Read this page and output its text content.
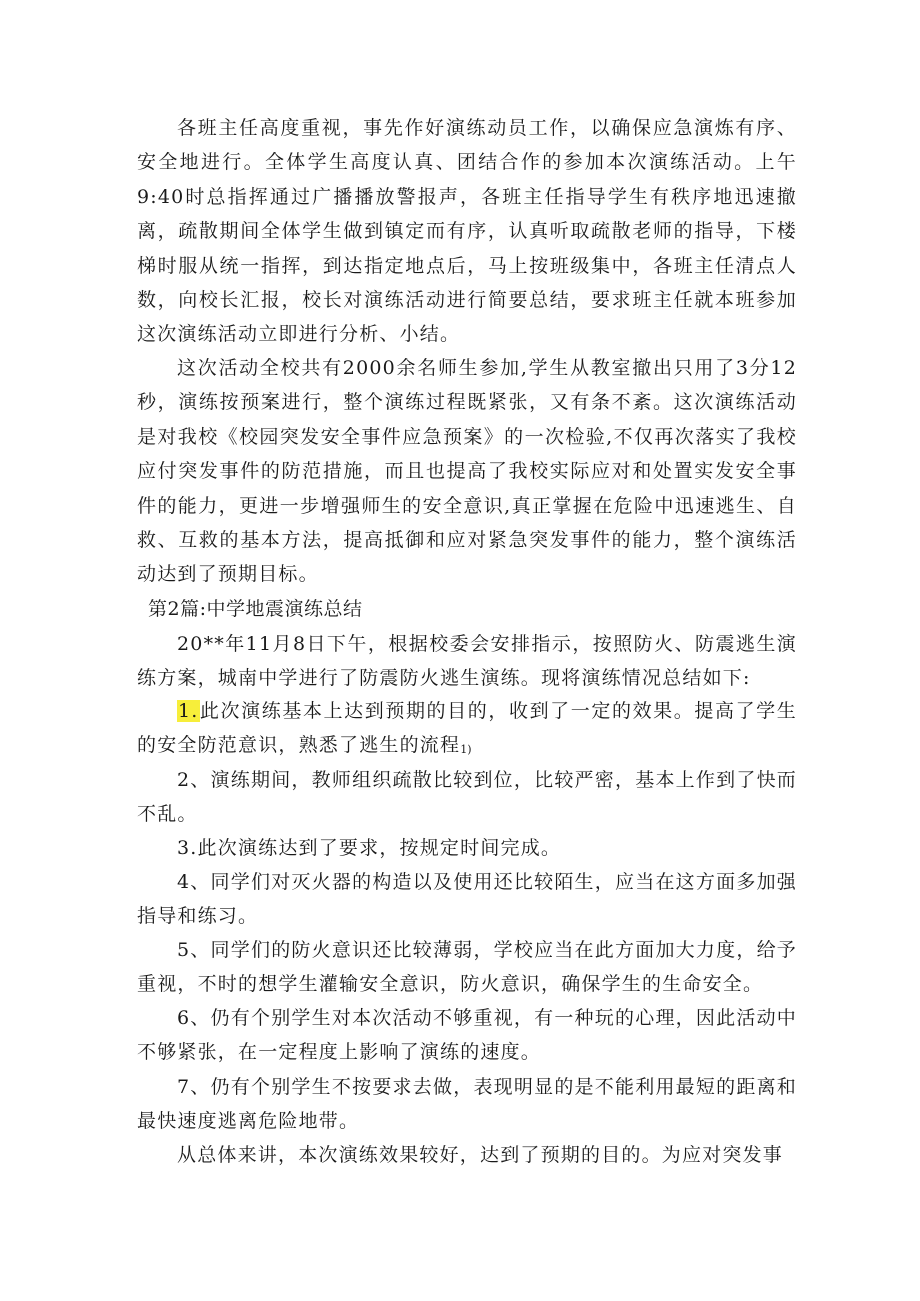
各班主任高度重视，事先作好演练动员工作，以确保应急演炼有序、安全地进行。全体学生高度认真、团结合作的参加本次演练活动。上午9:40时总指挥通过广播播放警报声，各班主任指导学生有秩序地迅速撤离，疏散期间全体学生做到镇定而有序，认真听取疏散老师的指导，下楼梯时服从统一指挥，到达指定地点后，马上按班级集中，各班主任清点人数，向校长汇报，校长对演练活动进行简要总结，要求班主任就本班参加这次演练活动立即进行分析、小结。

这次活动全校共有2000余名师生参加,学生从教室撤出只用了3分12秒，演练按预案进行，整个演练过程既紧张，又有条不紊。这次演练活动是对我校《校园突发安全事件应急预案》的一次检验,不仅再次落实了我校应付突发事件的防范措施，而且也提高了我校实际应对和处置实发安全事件的能力，更进一步增强师生的安全意识,真正掌握在危险中迅速逃生、自救、互救的基本方法，提高抵御和应对紧急突发事件的能力，整个演练活动达到了预期目标。

第2篇:中学地震演练总结

20**年11月8日下午，根据校委会安排指示，按照防火、防震逃生演练方案，城南中学进行了防震防火逃生演练。现将演练情况总结如下:

1.此次演练基本上达到预期的目的，收到了一定的效果。提高了学生的安全防范意识，熟悉了逃生的流程1)

2、演练期间，教师组织疏散比较到位，比较严密，基本上作到了快而不乱。

3.此次演练达到了要求，按规定时间完成。

4、同学们对灭火器的构造以及使用还比较陌生，应当在这方面多加强指导和练习。

5、同学们的防火意识还比较薄弱，学校应当在此方面加大力度，给予重视，不时的想学生灌输安全意识，防火意识，确保学生的生命安全。

6、仍有个别学生对本次活动不够重视，有一种玩的心理，因此活动中不够紧张，在一定程度上影响了演练的速度。

7、仍有个别学生不按要求去做，表现明显的是不能利用最短的距离和最快速度逃离危险地带。

从总体来讲，本次演练效果较好，达到了预期的目的。为应对突发事
